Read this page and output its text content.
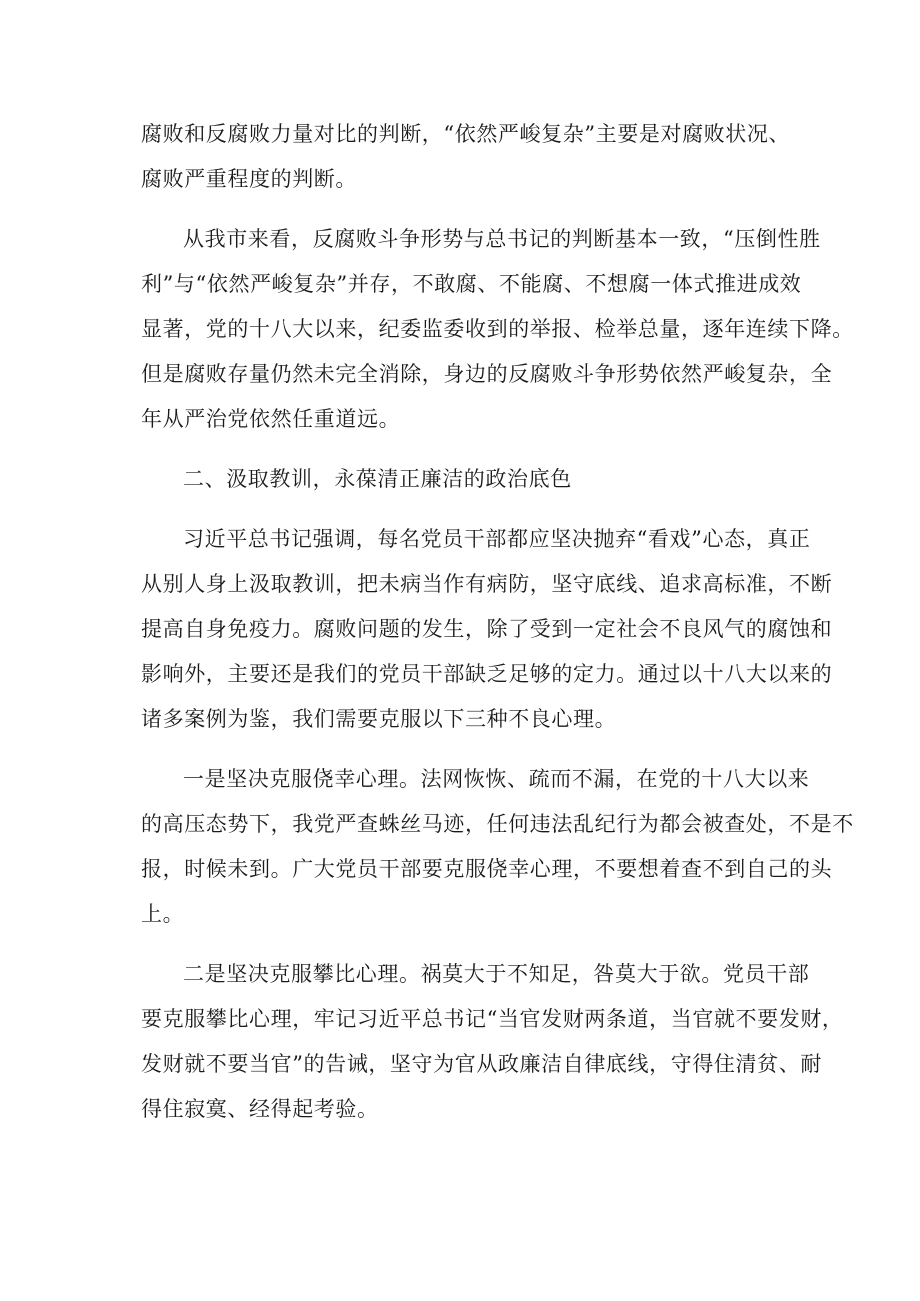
腐败和反腐败力量对比的判断，“依然严峻复杂”主要是对腐败状况、
腐败严重程度的判断。
从我市来看，反腐败斗争形势与总书记的判断基本一致，“压倒性胜
利”与“依然严峻复杂”并存，不敢腐、不能腐、不想腐一体式推进成效
显著，党的十八大以来，纪委监委收到的举报、检举总量，逐年连续下降。
但是腐败存量仍然未完全消除，身边的反腐败斗争形势依然严峻复杂，全
年从严治党依然任重道远。
二、汲取教训，永葆清正廉洁的政治底色
习近平总书记强调，每名党员干部都应坚决抛弃“看戏”心态，真正
从别人身上汲取教训，把未病当作有病防，坚守底线、追求高标准，不断
提高自身免疫力。腐败问题的发生，除了受到一定社会不良风气的腐蚀和
影响外，主要还是我们的党员干部缺乏足够的定力。通过以十八大以来的
诸多案例为鉴，我们需要克服以下三种不良心理。
一是坚决克服侥幸心理。法网恢恢、疏而不漏，在党的十八大以来
的高压态势下，我党严查蛛丝马迹，任何违法乱纪行为都会被查处，不是不
报，时候未到。广大党员干部要克服侥幸心理，不要想着查不到自己的头
上。
二是坚决克服攀比心理。祸莫大于不知足，咎莫大于欲。党员干部
要克服攀比心理，牢记习近平总书记“当官发财两条道，当官就不要发财，
发财就不要当官”的告诫，坚守为官从政廉洁自律底线，守得住清贫、耐
得住寂寞、经得起考验。
